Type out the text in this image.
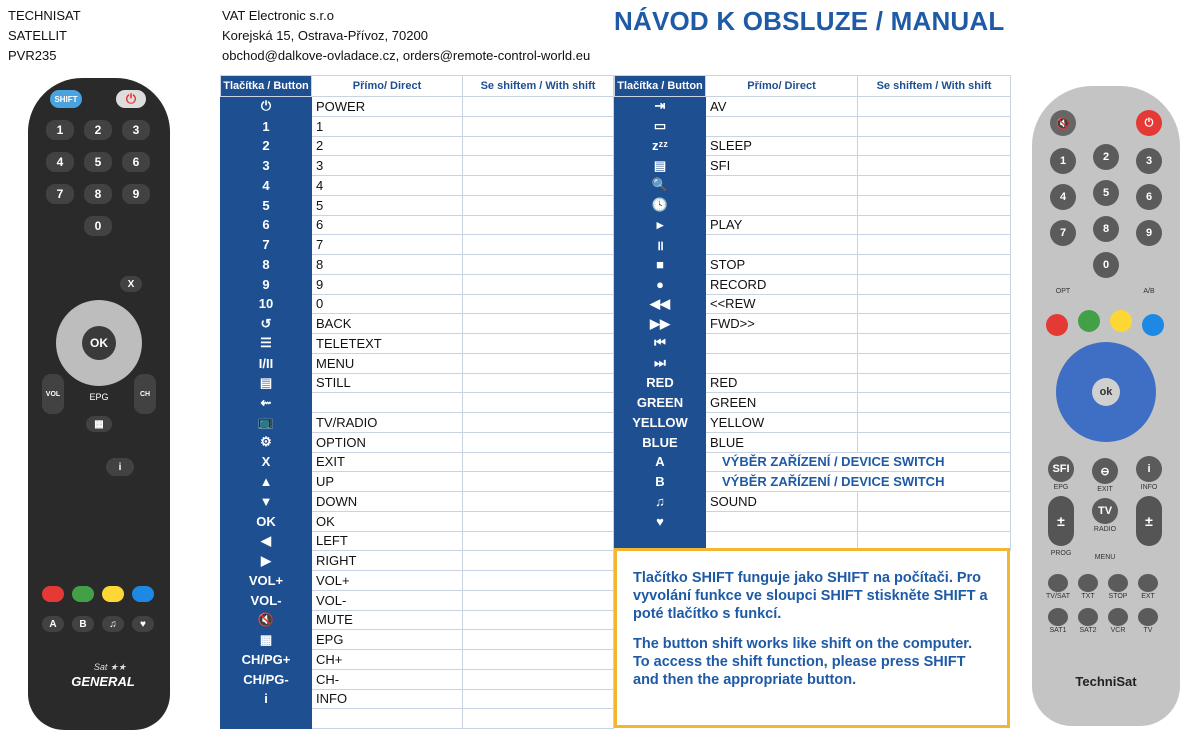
TECHNISAT
SATELLIT
PVR235
VAT Electronic s.r.o
Korejská 15, Ostrava-Přívoz, 70200
obchod@dalkove-ovladace.cz, orders@remote-control-world.eu
NÁVOD K OBSLUZE / MANUAL
Tlačítka / Button	Přímo/ Direct	Se shiftem / With shift
⏻	POWER	
1	1	
2	2	
3	3	
4	4	
5	5	
6	6	
7	7	
8	8	
9	9	
10	0	
↺	BACK	
☰	TELETEXT	
I/II	MENU	
▤	STILL	
⇜		
📺	TV/RADIO	
⚙	OPTION	
X	EXIT	
▲	UP	
▼	DOWN	
OK	OK	
◀	LEFT	
▶	RIGHT	
VOL+	VOL+	
VOL-	VOL-	
🔇	MUTE	
▦	EPG	
CH/PG+	CH+	
CH/PG-	CH-	
i	INFO	

Tlačítka / Button	Přímo/ Direct	Se shiftem / With shift
⇥	AV	
▭		
zᶻᶻ	SLEEP	
▤	SFI	
🔍		
🕓		
▸	PLAY	
॥		
■	STOP	
●	RECORD	
◀◀	<<REW	
▶▶	FWD>>	
⏮		
⏭		
RED	RED	
GREEN	GREEN	
YELLOW	YELLOW	
BLUE	BLUE	
A	VÝBĚR ZAŘÍZENÍ / DEVICE SWITCH	
B	VÝBĚR ZAŘÍZENÍ / DEVICE SWITCH	
♫	SOUND	
♥		

Tlačítko SHIFT funguje jako SHIFT na počítači. Pro vyvolání funkce ve sloupci SHIFT stiskněte SHIFT a poté tlačítko s funkcí.

The button shift works like shift on the computer. To access the shift function, please press SHIFT and then the appropriate button.

SHIFT	⏻
1	2	3
4	5	6
7	8	9
0
OK
VOL	CH
EPG
▦
i
X
A	B	♫	♥
Sat ★★
GENERAL
🔇	⏻
1	2	3
4	5	6
7	8	9
0
OPT	A/B
ok
SFI	⊖	i
EPG	EXIT	INFO
±	±
TV
RADIO
PROG
MENU
TV/SAT	TXT	STOP	EXT
SAT1	SAT2	VCR	TV
TechniSat
